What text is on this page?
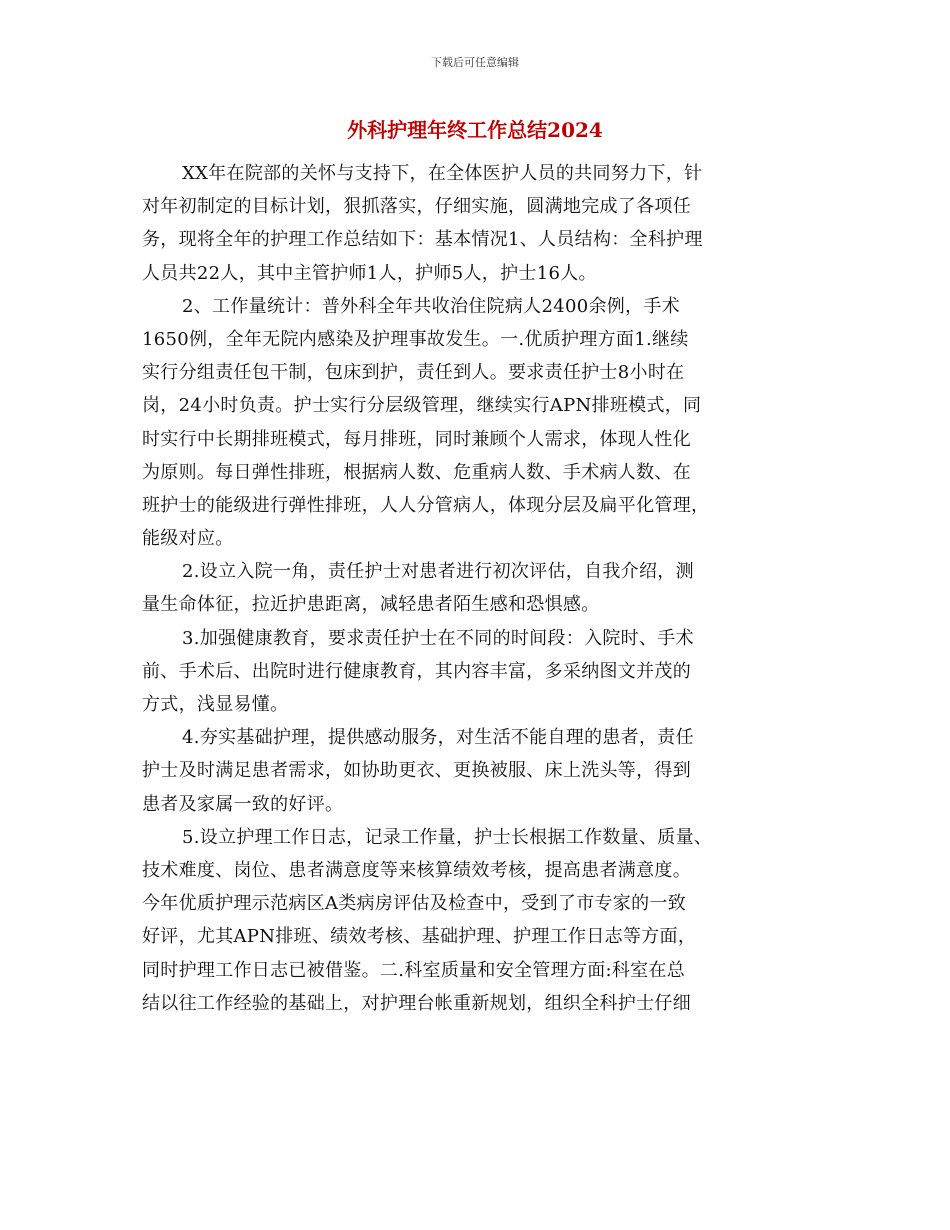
下载后可任意编辑
外科护理年终工作总结2024
XX年在院部的关怀与支持下，在全体医护人员的共同努力下，针
对年初制定的目标计划，狠抓落实，仔细实施，圆满地完成了各项任
务，现将全年的护理工作总结如下：基本情况1、人员结构：全科护理
人员共22人，其中主管护师1人，护师5人，护士16人。
2、工作量统计：普外科全年共收治住院病人2400余例，手术
1650例，全年无院内感染及护理事故发生。一.优质护理方面1.继续
实行分组责任包干制，包床到护，责任到人。要求责任护士8小时在
岗，24小时负责。护士实行分层级管理，继续实行APN排班模式，同
时实行中长期排班模式，每月排班，同时兼顾个人需求，体现人性化
为原则。每日弹性排班，根据病人数、危重病人数、手术病人数、在
班护士的能级进行弹性排班，人人分管病人，体现分层及扁平化管理，
能级对应。
2.设立入院一角，责任护士对患者进行初次评估，自我介绍，测
量生命体征，拉近护患距离，减轻患者陌生感和恐惧感。
3.加强健康教育，要求责任护士在不同的时间段：入院时、手术
前、手术后、出院时进行健康教育，其内容丰富，多采纳图文并茂的
方式，浅显易懂。
4.夯实基础护理，提供感动服务，对生活不能自理的患者，责任
护士及时满足患者需求，如协助更衣、更换被服、床上洗头等，得到
患者及家属一致的好评。
5.设立护理工作日志，记录工作量，护士长根据工作数量、质量、
技术难度、岗位、患者满意度等来核算绩效考核，提高患者满意度。
今年优质护理示范病区A类病房评估及检查中，受到了市专家的一致
好评，尤其APN排班、绩效考核、基础护理、护理工作日志等方面，
同时护理工作日志已被借鉴。二.科室质量和安全管理方面:科室在总
结以往工作经验的基础上，对护理台帐重新规划，组织全科护士仔细
